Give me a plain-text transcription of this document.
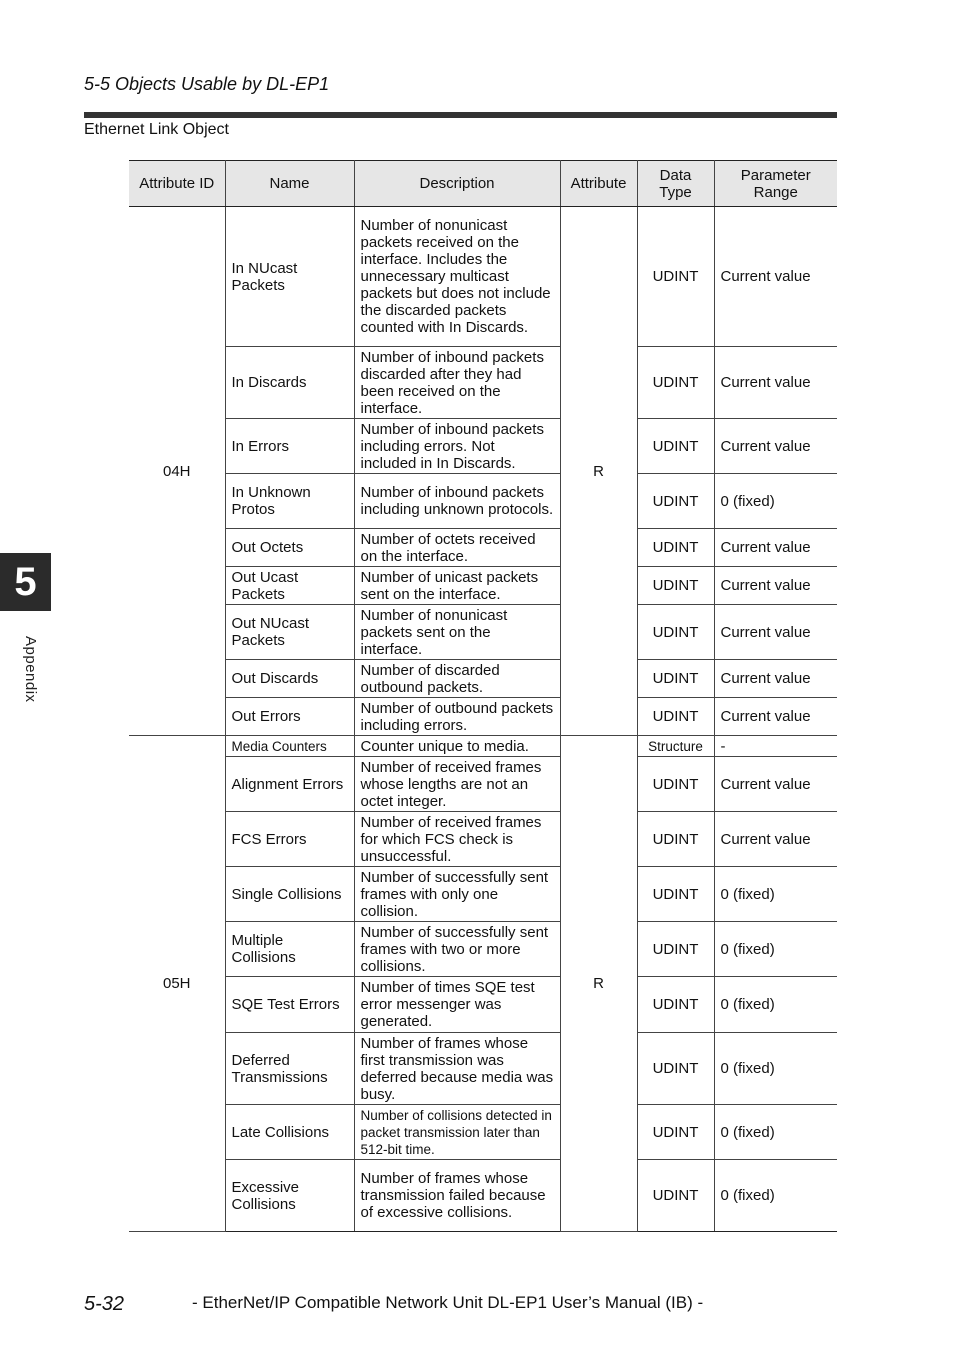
5-5 Objects Usable by DL-EP1
Ethernet Link Object
Attribute ID	Name	Description	Attribute	Data Type	Parameter Range
04H	In NUcast Packets	Number of nonunicast packets received on the interface. Includes the unnecessary multicast packets but does not include the discarded packets counted with In Discards.	R	UDINT	Current value
	In Discards	Number of inbound packets discarded after they had been received on the interface.		UDINT	Current value
	In Errors	Number of inbound packets including errors. Not included in In Discards.		UDINT	Current value
	In Unknown Protos	Number of inbound packets including unknown protocols.		UDINT	0 (fixed)
	Out Octets	Number of octets received on the interface.		UDINT	Current value
	Out Ucast Packets	Number of unicast packets sent on the interface.		UDINT	Current value
	Out NUcast Packets	Number of nonunicast packets sent on the interface.		UDINT	Current value
	Out Discards	Number of discarded outbound packets.		UDINT	Current value
	Out Errors	Number of outbound packets including errors.		UDINT	Current value
05H	Media Counters	Counter unique to media.	R	Structure	-
	Alignment Errors	Number of received frames whose lengths are not an octet integer.		UDINT	Current value
	FCS Errors	Number of received frames for which FCS check is unsuccessful.		UDINT	Current value
	Single Collisions	Number of successfully sent frames with only one collision.		UDINT	0 (fixed)
	Multiple Collisions	Number of successfully sent frames with two or more collisions.		UDINT	0 (fixed)
	SQE Test Errors	Number of times SQE test error messenger was generated.		UDINT	0 (fixed)
	Deferred Transmissions	Number of frames whose first transmission was deferred because media was busy.		UDINT	0 (fixed)
	Late Collisions	Number of collisions detected in packet transmission later than 512-bit time.		UDINT	0 (fixed)
	Excessive Collisions	Number of frames whose transmission failed because of excessive collisions.		UDINT	0 (fixed)
5
Appendix
5-32	- EtherNet/IP Compatible Network Unit DL-EP1 User’s Manual (IB) -
